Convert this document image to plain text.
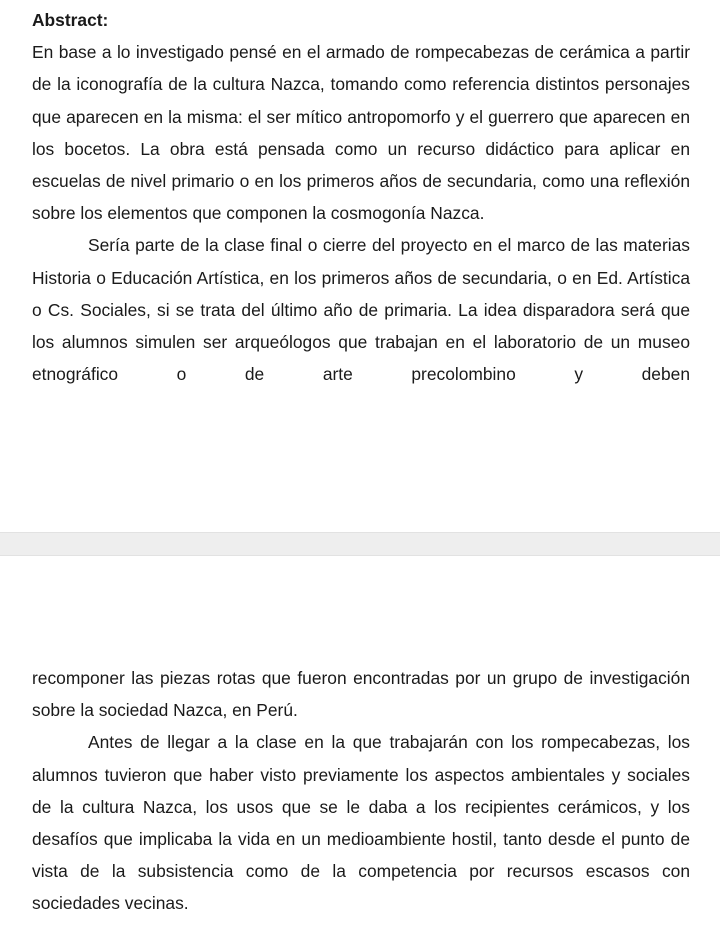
Abstract:

En base a lo investigado pensé en el armado de rompecabezas de cerámica a partir de la iconografía de la cultura Nazca, tomando como referencia distintos personajes que aparecen en la misma: el ser mítico antropomorfo y el guerrero que aparecen en los bocetos. La obra está pensada como un recurso didáctico para aplicar en escuelas de nivel primario o en los primeros años de secundaria, como una reflexión sobre los elementos que componen la cosmogonía Nazca.

Sería parte de la clase final o cierre del proyecto en el marco de las materias Historia o Educación Artística, en los primeros años de secundaria, o en Ed. Artística o Cs. Sociales, si se trata del último año de primaria. La idea disparadora será que los alumnos simulen ser arqueólogos que trabajan en el laboratorio de un museo etnográfico o de arte precolombino y deben

recomponer las piezas rotas que fueron encontradas por un grupo de investigación sobre la sociedad Nazca, en Perú.

Antes de llegar a la clase en la que trabajarán con los rompecabezas, los alumnos tuvieron que haber visto previamente los aspectos ambientales y sociales de la cultura Nazca, los usos que se le daba a los recipientes cerámicos, y los desafíos que implicaba la vida en un medioambiente hostil, tanto desde el punto de vista de la subsistencia como de la competencia por recursos escasos con sociedades vecinas.
